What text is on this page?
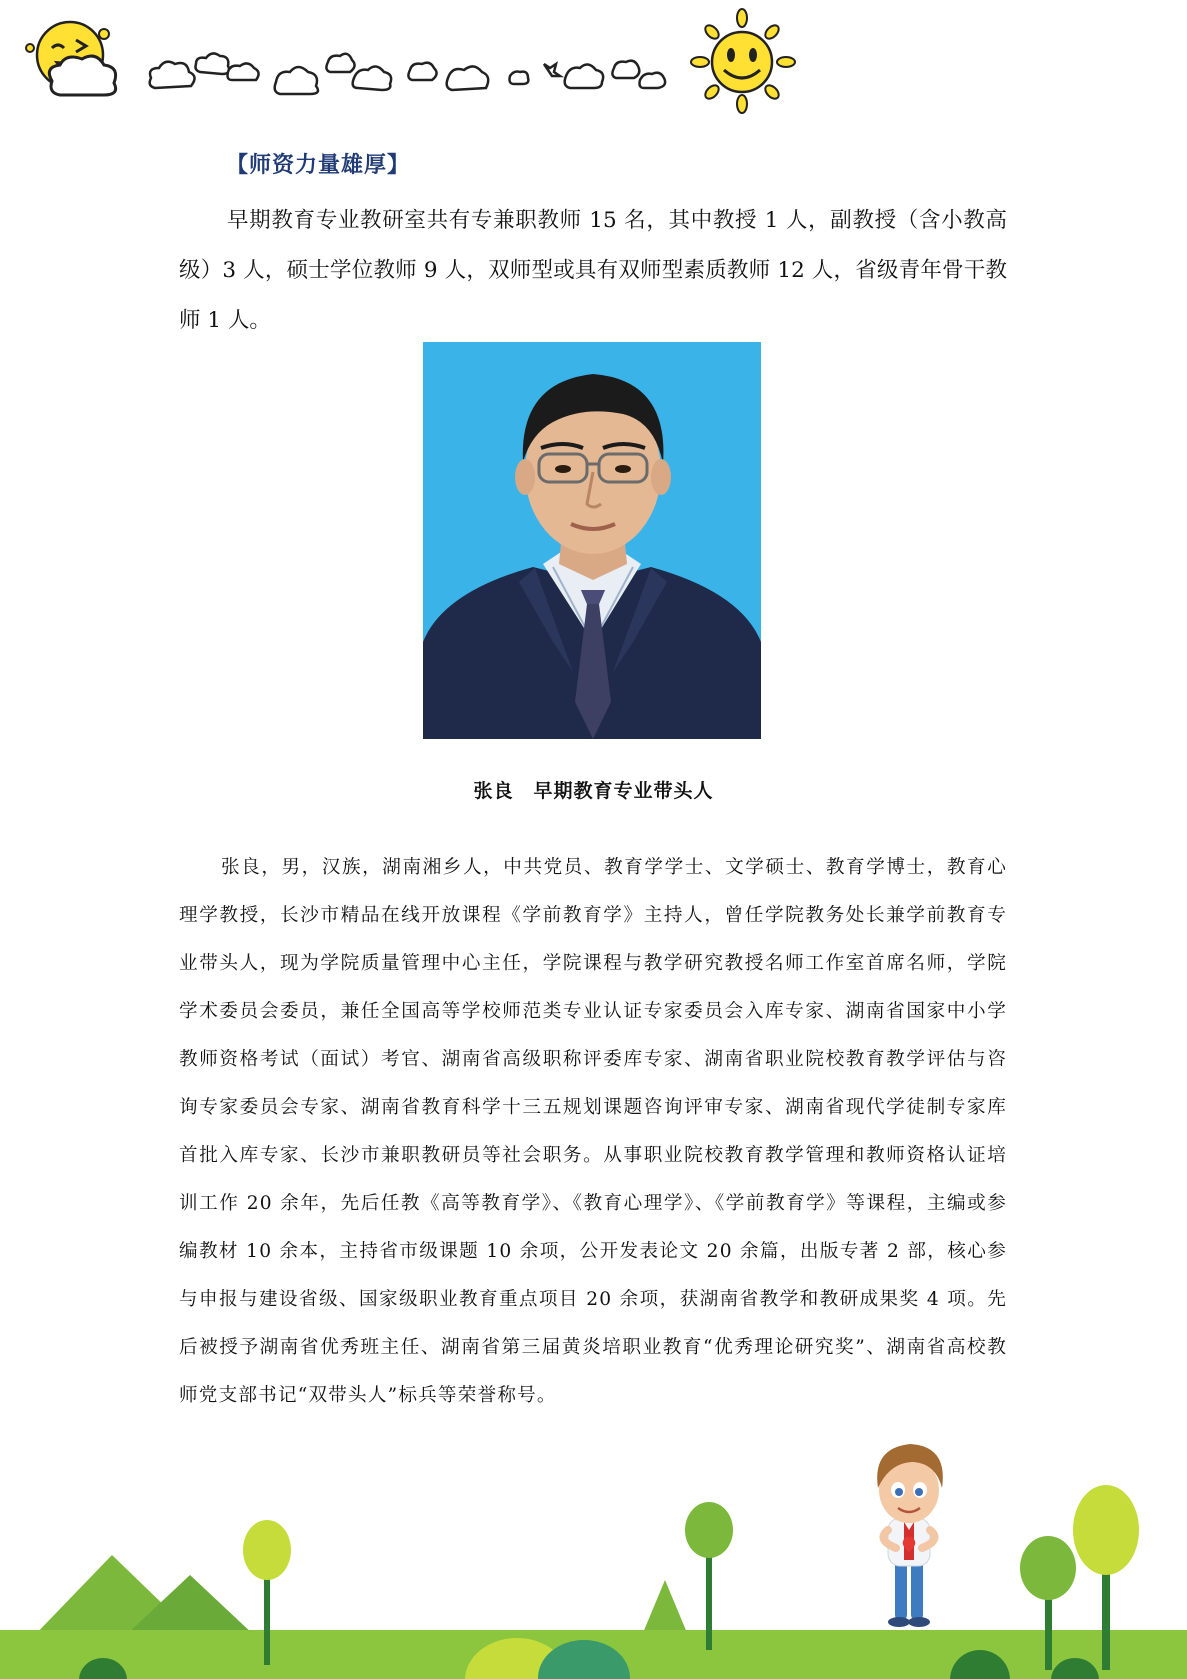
【师资力量雄厚】

早期教育专业教研室共有专兼职教师 15 名，其中教授 1 人，副教授（含小教高级）3 人，硕士学位教师 9 人，双师型或具有双师型素质教师 12 人，省级青年骨干教师 1 人。

张良　早期教育专业带头人

张良，男，汉族，湖南湘乡人，中共党员、教育学学士、文学硕士、教育学博士，教育心理学教授，长沙市精品在线开放课程《学前教育学》主持人，曾任学院教务处长兼学前教育专业带头人，现为学院质量管理中心主任，学院课程与教学研究教授名师工作室首席名师，学院学术委员会委员，兼任全国高等学校师范类专业认证专家委员会入库专家、湖南省国家中小学教师资格考试（面试）考官、湖南省高级职称评委库专家、湖南省职业院校教育教学评估与咨询专家委员会专家、湖南省教育科学十三五规划课题咨询评审专家、湖南省现代学徒制专家库首批入库专家、长沙市兼职教研员等社会职务。从事职业院校教育教学管理和教师资格认证培训工作 20 余年，先后任教《高等教育学》、《教育心理学》、《学前教育学》等课程，主编或参编教材 10 余本，主持省市级课题 10 余项，公开发表论文 20 余篇，出版专著 2 部，核心参与申报与建设省级、国家级职业教育重点项目 20 余项，获湖南省教学和教研成果奖 4 项。先后被授予湖南省优秀班主任、湖南省第三届黄炎培职业教育“优秀理论研究奖”、湖南省高校教师党支部书记“双带头人”标兵等荣誉称号。
